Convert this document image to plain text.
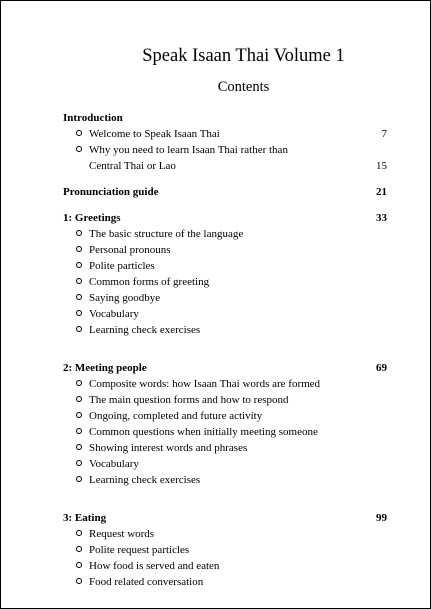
Speak Isaan Thai Volume 1
Contents
Introduction
Welcome to Speak Isaan Thai	7
Why you need to learn Isaan Thai rather than
Central Thai or Lao	15
Pronunciation guide	21
1: Greetings	33
The basic structure of the language
Personal pronouns
Polite particles
Common forms of greeting
Saying goodbye
Vocabulary
Learning check exercises
2: Meeting people	69
Composite words: how Isaan Thai words are formed
The main question forms and how to respond
Ongoing, completed and future activity
Common questions when initially meeting someone
Showing interest words and phrases
Vocabulary
Learning check exercises
3: Eating	99
Request words
Polite request particles
How food is served and eaten
Food related conversation
